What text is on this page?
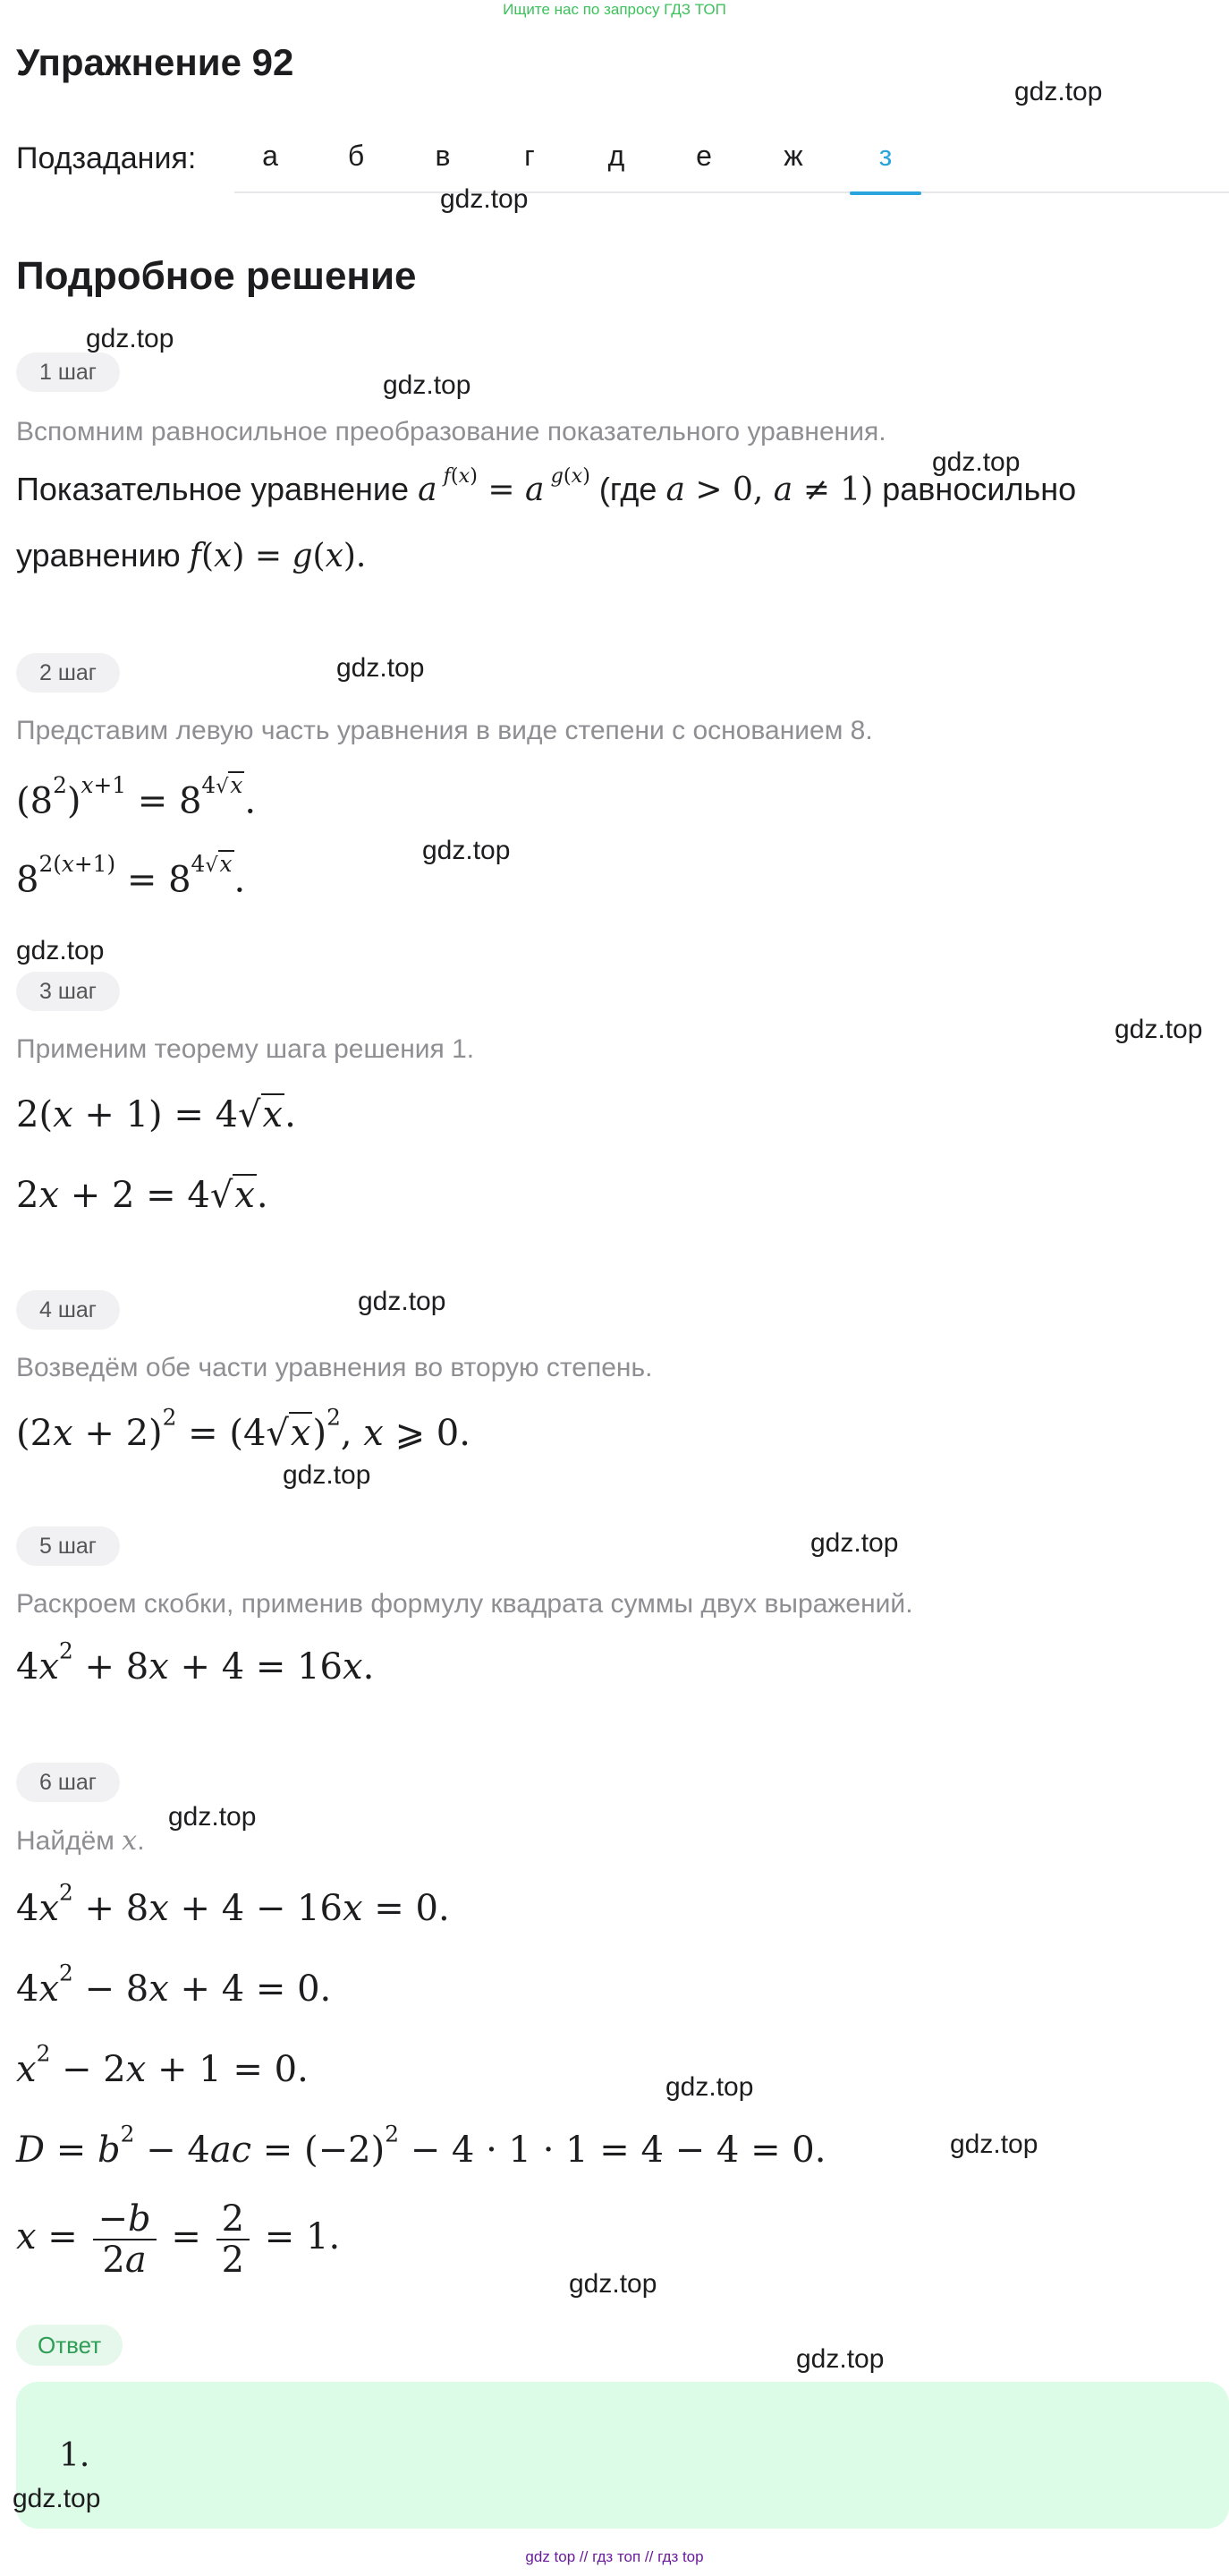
Ищите нас по запросу ГДЗ ТОП
Упражнение 92
Подзадания:	а	б	в	г	д	е	ж	з
Подробное решение
1 шаг
Вспомним равносильное преобразование показательного уравнения.
Показательное уравнение a $^{f(x)}$ = a $^{g(x)}$ (где a > 0, a ≠ 1) равносильно
уравнению f(x) = g(x).
2 шаг
Представим левую часть уравнения в виде степени с основанием 8.
$(8^2)^{x+1} = 8^{4√x}$.
$8^{2(x+1)} = 8^{4√x}$.
3 шаг
Применим теорему шага решения 1.
2(x + 1) = 4√x.
2x + 2 = 4√x.
4 шаг
Возведём обе части уравнения во вторую степень.
$(2x + 2)^2 = (4√x)^2$, x ⩾ 0.
5 шаг
Раскроем скобки, применив формулу квадрата суммы двух выражений.
$4x^2 + 8x + 4 = 16x$.
6 шаг
Найдём x.
$4x^2 + 8x + 4 - 16x = 0$.
$4x^2 - 8x + 4 = 0$.
$x^2 - 2x + 1 = 0$.
$D = b^2 - 4ac = (-2)^2 - 4 \cdot 1 \cdot 1 = 4 - 4 = 0$.
$x = \frac{-b}{2a} = \frac{2}{2} = 1$.
Ответ
1.
gdz.top
gdz.top
gdz.top
gdz.top
gdz.top
gdz.top
gdz.top
gdz.top
gdz.top
gdz.top
gdz.top
gdz.top
gdz.top
gdz.top
gdz.top
gdz.top
gdz.top
gdz.top
gdz top // гдз топ // гдз top
